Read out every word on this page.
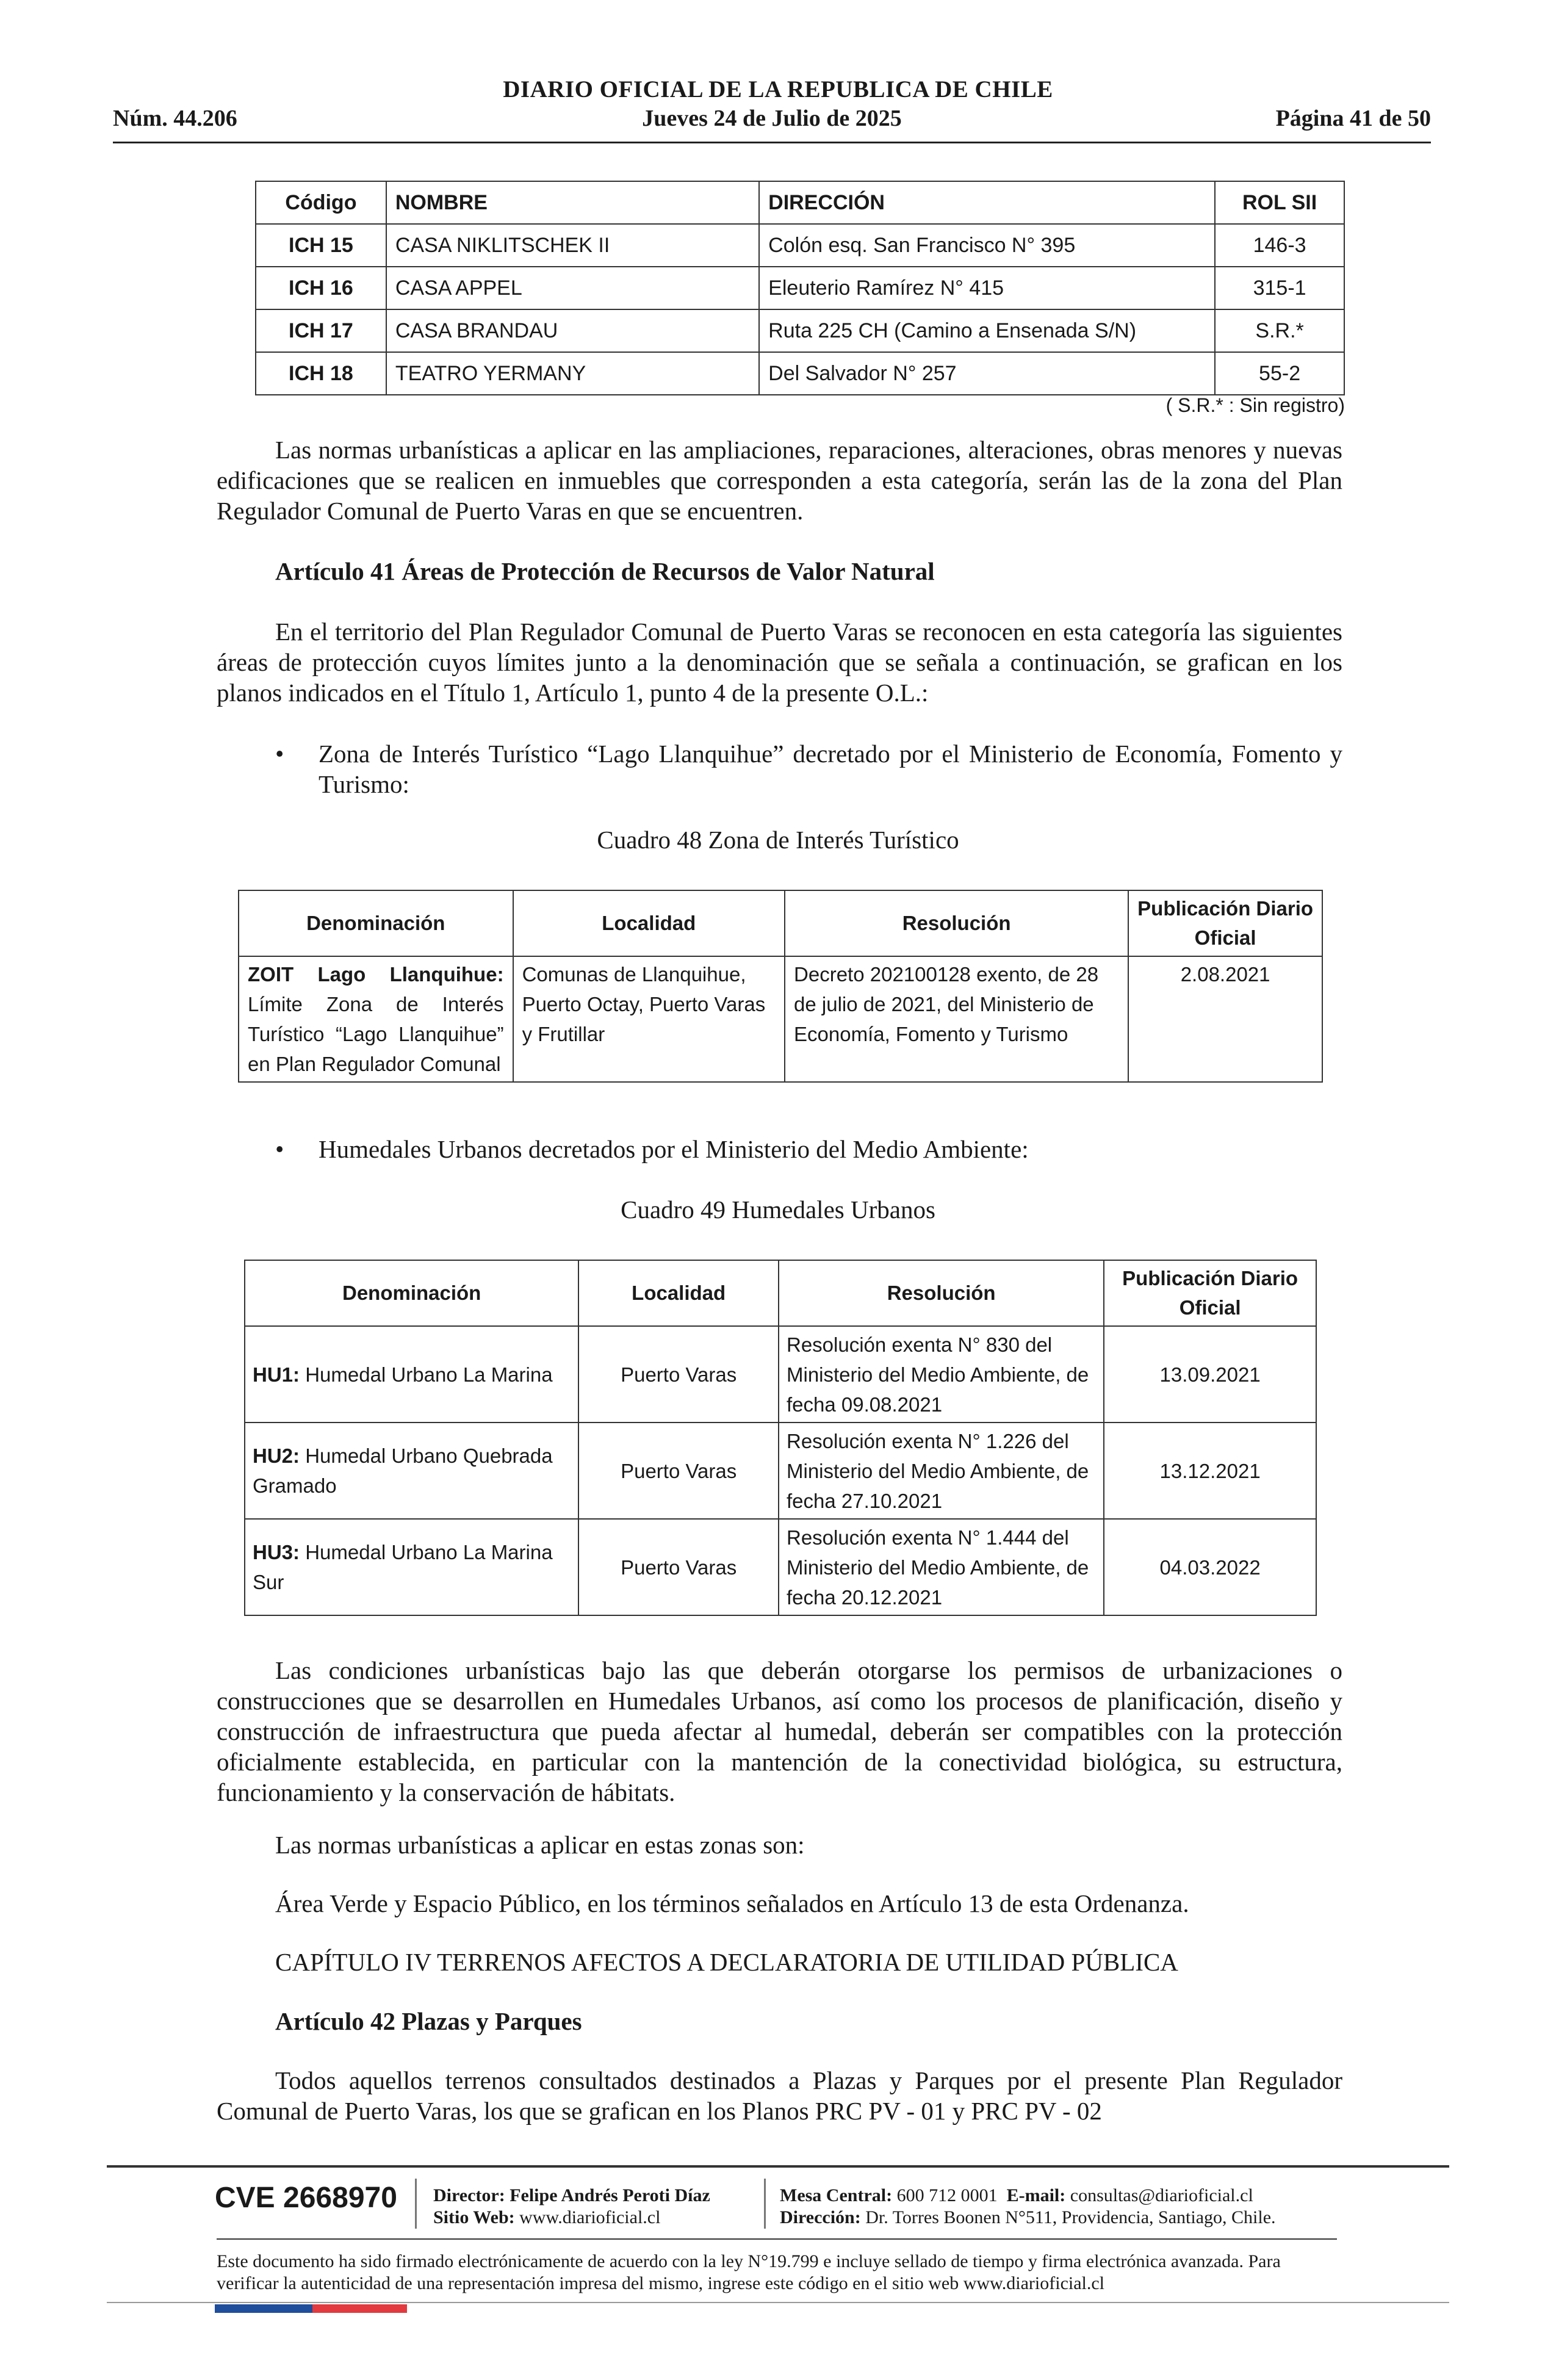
DIARIO OFICIAL DE LA REPUBLICA DE CHILE
Núm. 44.206	Jueves 24 de Julio de 2025	Página 41 de 50
Código	NOMBRE	DIRECCIÓN	ROL SII
ICH 15	CASA NIKLITSCHEK II	Colón esq. San Francisco N° 395	146-3
ICH 16	CASA APPEL	Eleuterio Ramírez N° 415	315-1
ICH 17	CASA BRANDAU	Ruta 225 CH (Camino a Ensenada S/N)	S.R.*
ICH 18	TEATRO YERMANY	Del Salvador N° 257	55-2
( S.R.* : Sin registro)
Las normas urbanísticas a aplicar en las ampliaciones, reparaciones, alteraciones, obras menores y nuevas edificaciones que se realicen en inmuebles que corresponden a esta categoría, serán las de la zona del Plan Regulador Comunal de Puerto Varas en que se encuentren.
Artículo 41 Áreas de Protección de Recursos de Valor Natural
En el territorio del Plan Regulador Comunal de Puerto Varas se reconocen en esta categoría las siguientes áreas de protección cuyos límites junto a la denominación que se señala a continuación, se grafican en los planos indicados en el Título 1, Artículo 1, punto 4 de la presente O.L.:
• Zona de Interés Turístico “Lago Llanquihue” decretado por el Ministerio de Economía, Fomento y Turismo:
Cuadro 48 Zona de Interés Turístico
Denominación	Localidad	Resolución	Publicación Diario Oficial
ZOIT Lago Llanquihue: Límite Zona de Interés Turístico “Lago Llanquihue” en Plan Regulador Comunal	Comunas de Llanquihue, Puerto Octay, Puerto Varas y Frutillar	Decreto 202100128 exento, de 28 de julio de 2021, del Ministerio de Economía, Fomento y Turismo	2.08.2021
• Humedales Urbanos decretados por el Ministerio del Medio Ambiente:
Cuadro 49 Humedales Urbanos
Denominación	Localidad	Resolución	Publicación Diario Oficial
HU1: Humedal Urbano La Marina	Puerto Varas	Resolución exenta N° 830 del Ministerio del Medio Ambiente, de fecha 09.08.2021	13.09.2021
HU2: Humedal Urbano Quebrada Gramado	Puerto Varas	Resolución exenta N° 1.226 del Ministerio del Medio Ambiente, de fecha 27.10.2021	13.12.2021
HU3: Humedal Urbano La Marina Sur	Puerto Varas	Resolución exenta N° 1.444 del Ministerio del Medio Ambiente, de fecha 20.12.2021	04.03.2022
Las condiciones urbanísticas bajo las que deberán otorgarse los permisos de urbanizaciones o construcciones que se desarrollen en Humedales Urbanos, así como los procesos de planificación, diseño y construcción de infraestructura que pueda afectar al humedal, deberán ser compatibles con la protección oficialmente establecida, en particular con la mantención de la conectividad biológica, su estructura, funcionamiento y la conservación de hábitats.
Las normas urbanísticas a aplicar en estas zonas son:
Área Verde y Espacio Público, en los términos señalados en Artículo 13 de esta Ordenanza.
CAPÍTULO IV TERRENOS AFECTOS A DECLARATORIA DE UTILIDAD PÚBLICA
Artículo 42 Plazas y Parques
Todos aquellos terrenos consultados destinados a Plazas y Parques por el presente Plan Regulador Comunal de Puerto Varas, los que se grafican en los Planos PRC PV - 01 y PRC PV - 02
CVE 2668970 Director: Felipe Andrés Peroti Díaz
Sitio Web: www.diarioficial.cl
Mesa Central: 600 712 0001 E-mail: consultas@diarioficial.cl
Dirección: Dr. Torres Boonen N°511, Providencia, Santiago, Chile.
Este documento ha sido firmado electrónicamente de acuerdo con la ley N°19.799 e incluye sellado de tiempo y firma electrónica avanzada. Para verificar la autenticidad de una representación impresa del mismo, ingrese este código en el sitio web www.diarioficial.cl
